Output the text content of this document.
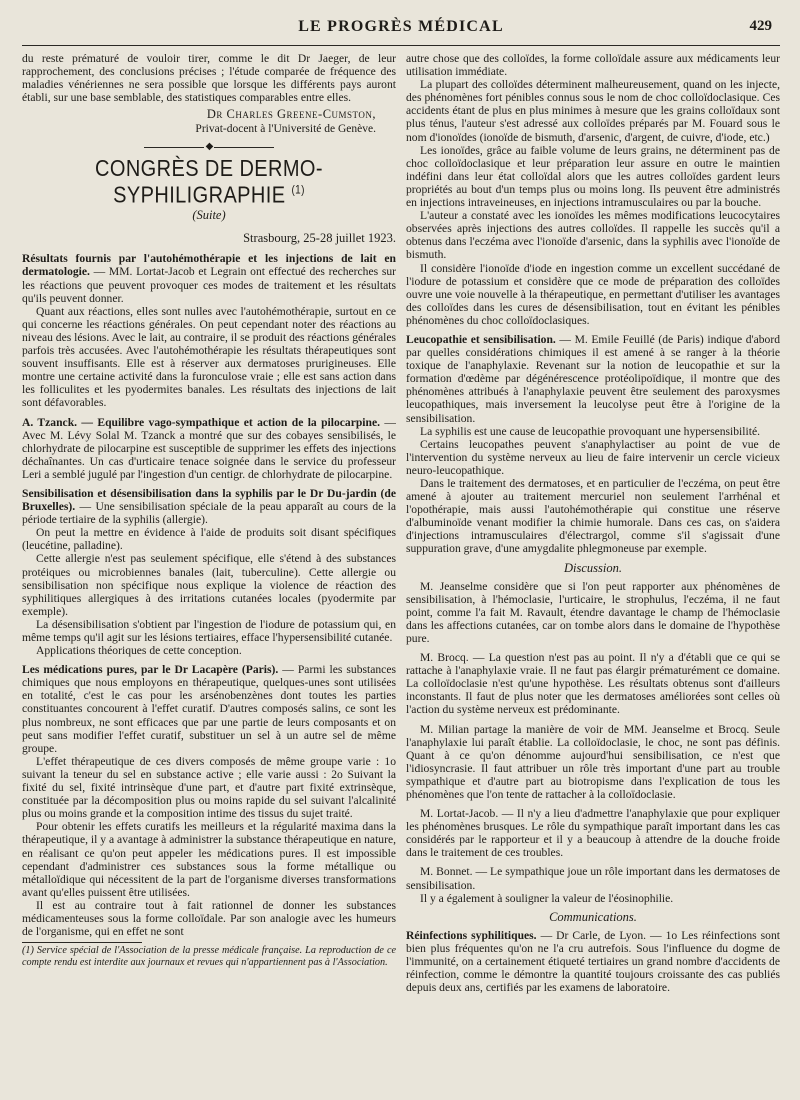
LE PROGRÈS MÉDICAL	429

du reste prématuré de vouloir tirer, comme le dit Dr Jaeger, de leur rapprochement, des conclusions précises ; l'étude comparée de fréquence des maladies vénériennes ne sera possible que lorsque les différents pays auront établi, sur une base semblable, des statistiques comparables entre elles.

Dr Charles Greene-Cumston,
Privat-docent à l'Université de Genève.
◆
CONGRÈS DE DERMO-SYPHILIGRAPHIE $^{(1)}$
(Suite)
Strasbourg, 25-28 juillet 1923.

Résultats fournis par l'autohémothérapie et les injections de lait en dermatologie. — MM. Lortat-Jacob et Legrain ont effectué des recherches sur les réactions que peuvent provoquer ces modes de traitement et les résultats qu'ils peuvent donner.

Quant aux réactions, elles sont nulles avec l'autohémothérapie, surtout en ce qui concerne les réactions générales. On peut cependant noter des réactions au niveau des lésions. Avec le lait, au contraire, il se produit des réactions générales parfois très accusées. Avec l'autohémothérapie les résultats thérapeutiques sont souvent insuffisants. Elle est à réserver aux dermatoses prurigineuses. Elle montre une certaine activité dans la furonculose vraie ; elle est sans action dans les folliculites et les pyodermites banales. Les résultats des injections de lait sont défavorables.

A. Tzanck. — Equilibre vago-sympathique et action de la pilocarpine. — Avec M. Lévy Solal M. Tzanck a montré que sur des cobayes sensibilisés, le chlorhydrate de pilocarpine est susceptible de supprimer les effets des injections déchaînantes. Un cas d'urticaire tenace soignée dans le service du professeur Leri a semblé jugulé par l'ingestion d'un centigr. de chlorhydrate de pilocarpine.

Sensibilisation et désensibilisation dans la syphilis par le Dr Du-jardin (de Bruxelles). — Une sensibilisation spéciale de la peau apparaît au cours de la période tertiaire de la syphilis (allergie).

On peut la mettre en évidence à l'aide de produits soit disant spécifiques (leucétine, palladine).

Cette allergie n'est pas seulement spécifique, elle s'étend à des substances protéiques ou microbiennes banales (lait, tuberculine). Cette allergie ou sensibilisation non spécifique nous explique la violence de réaction des syphilitiques allergiques à des irritations cutanées locales (pyodermite par exemple).

La désensibilisation s'obtient par l'ingestion de l'iodure de potassium qui, en même temps qu'il agit sur les lésions tertiaires, efface l'hypersensibilité cutanée.

Applications théoriques de cette conception.

Les médications pures, par le Dr Lacapère (Paris). — Parmi les substances chimiques que nous employons en thérapeutique, quelques-unes sont utilisées en totalité, c'est le cas pour les arsénobenzènes dont toutes les parties constituantes concourent à l'effet curatif. D'autres composés salins, ce sont les plus nombreux, ne sont efficaces que par une partie de leurs composants et on peut sans modifier l'effet curatif, substituer un sel à un autre sel de même groupe.

L'effet thérapeutique de ces divers composés de même groupe varie : 1o suivant la teneur du sel en substance active ; elle varie aussi : 2o Suivant la fixité du sel, fixité intrinsèque d'une part, et d'autre part fixité extrinsèque, constituée par la décomposition plus ou moins rapide du sel suivant l'alcalinité plus ou moins grande et la composition intime des tissus du sujet traité.

Pour obtenir les effets curatifs les meilleurs et la régularité maxima dans la thérapeutique, il y a avantage à administrer la substance thérapeutique en nature, en réalisant ce qu'on peut appeler les médications pures. Il est impossible cependant d'administrer ces substances sous la forme métallique ou métalloïdique qui nécessitent de la part de l'organisme diverses transformations avant qu'elles puissent être utilisées.

Il est au contraire tout à fait rationnel de donner les substances médicamenteuses sous la forme colloïdale. Par son analogie avec les humeurs de l'organisme, qui en effet ne sont

(1) Service spécial de l'Association de la presse médicale française. La reproduction de ce compte rendu est interdite aux journaux et revues qui n'appartiennent pas à l'Association.

autre chose que des colloïdes, la forme colloïdale assure aux médicaments leur utilisation immédiate.

La plupart des colloïdes déterminent malheureusement, quand on les injecte, des phénomènes fort pénibles connus sous le nom de choc colloïdoclasique. Ces accidents étant de plus en plus minimes à mesure que les grains colloïdaux sont plus ténus, l'auteur s'est adressé aux colloïdes préparés par M. Fouard sous le nom d'ionoïdes (ionoïde de bismuth, d'arsenic, d'argent, de cuivre, d'iode, etc.)

Les ionoïdes, grâce au faible volume de leurs grains, ne déterminent pas de choc colloïdoclasique et leur préparation leur assure en outre le maintien indéfini dans leur état colloïdal alors que les autres colloïdes gardent leurs propriétés au bout d'un temps plus ou moins long. Ils peuvent être administrés en injections intraveineuses, en injections intramusculaires ou par la bouche.

L'auteur a constaté avec les ionoïdes les mêmes modifications leucocytaires observées après injections des autres colloïdes. Il rappelle les succès qu'il a obtenus dans l'eczéma avec l'ionoïde d'arsenic, dans la syphilis avec l'ionoïde de bismuth.

Il considère l'ionoïde d'iode en ingestion comme un excellent succédané de l'iodure de potassium et considère que ce mode de préparation des colloïdes ouvre une voie nouvelle à la thérapeutique, en permettant d'utiliser les avantages des colloïdes dans les cures de désensibilisation, tout en évitant les pénibles phénomènes du choc colloïdoclasiques.

Leucopathie et sensibilisation. — M. Emile Feuillé (de Paris) indique d'abord par quelles considérations chimiques il est amené à se ranger à la théorie toxique de l'anaphylaxie. Revenant sur la notion de leucopathie et sur la formation d'œdème par dégénérescence protéolipoïdique, il montre que des phénomènes attribués à l'anaphylaxie peuvent être seulement des paroxysmes leucopathiques, mais inversement la leucolyse peut être à l'origine de la sensibilisation.

La syphilis est une cause de leucopathie provoquant une hypersensibilité.

Certains leucopathes peuvent s'anaphylactiser au point de vue de l'intervention du système nerveux au lieu de faire intervenir un cercle vicieux neuro-leucopathique.

Dans le traitement des dermatoses, et en particulier de l'eczéma, on peut être amené à ajouter au traitement mercuriel non seulement l'arrhénal et l'opothérapie, mais aussi l'autohémothérapie qui constitue une réserve d'albuminoïde venant modifier la chimie humorale. Dans ces cas, on s'aidera d'injections intramusculaires d'électrargol, comme s'il s'agissait d'une suppuration grave, d'une amygdalite phlegmoneuse par exemple.

Discussion.

M. Jeanselme considère que si l'on peut rapporter aux phénomènes de sensibilisation, à l'hémoclasie, l'urticaire, le strophulus, l'eczéma, il ne faut point, comme l'a fait M. Ravault, étendre davantage le champ de l'hémoclasie dans les affections cutanées, car on tombe alors dans le domaine de l'hypothèse pure.

M. Brocq. — La question n'est pas au point. Il n'y a d'établi que ce qui se rattache à l'anaphylaxie vraie. Il ne faut pas élargir prématurément ce domaine. La colloïdoclasie n'est qu'une hypothèse. Les résultats obtenus sont d'ailleurs inconstants. Il faut de plus noter que les dermatoses améliorées sont celles où l'action du système nerveux est prédominante.

M. Milian partage la manière de voir de MM. Jeanselme et Brocq. Seule l'anaphylaxie lui paraît établie. La colloïdoclasie, le choc, ne sont pas définis. Quant à ce qu'on dénomme aujourd'hui sensibilisation, ce n'est que l'idiosyncrasie. Il faut attribuer un rôle très important d'une part au trouble sympathique et d'autre part au biotropisme dans l'explication de tous les phénomènes que l'on tente de rattacher à la colloïdoclasie.

M. Lortat-Jacob. — Il n'y a lieu d'admettre l'anaphylaxie que pour expliquer les phénomènes brusques. Le rôle du sympathique paraît important dans les cas considérés par le rapporteur et il y a beaucoup à attendre de la douche froide dans le traitement de ces troubles.

M. Bonnet. — Le sympathique joue un rôle important dans les dermatoses de sensibilisation.

Il y a également à souligner la valeur de l'éosinophilie.

Communications.

Réinfections syphilitiques. — Dr Carle, de Lyon. — 1o Les réinfections sont bien plus fréquentes qu'on ne l'a cru autrefois. Sous l'influence du dogme de l'immunité, on a certainement étiqueté tertiaires un grand nombre d'accidents de réinfection, comme le démontre la quantité toujours croissante des cas publiés depuis deux ans, certifiés par les examens de laboratoire.
